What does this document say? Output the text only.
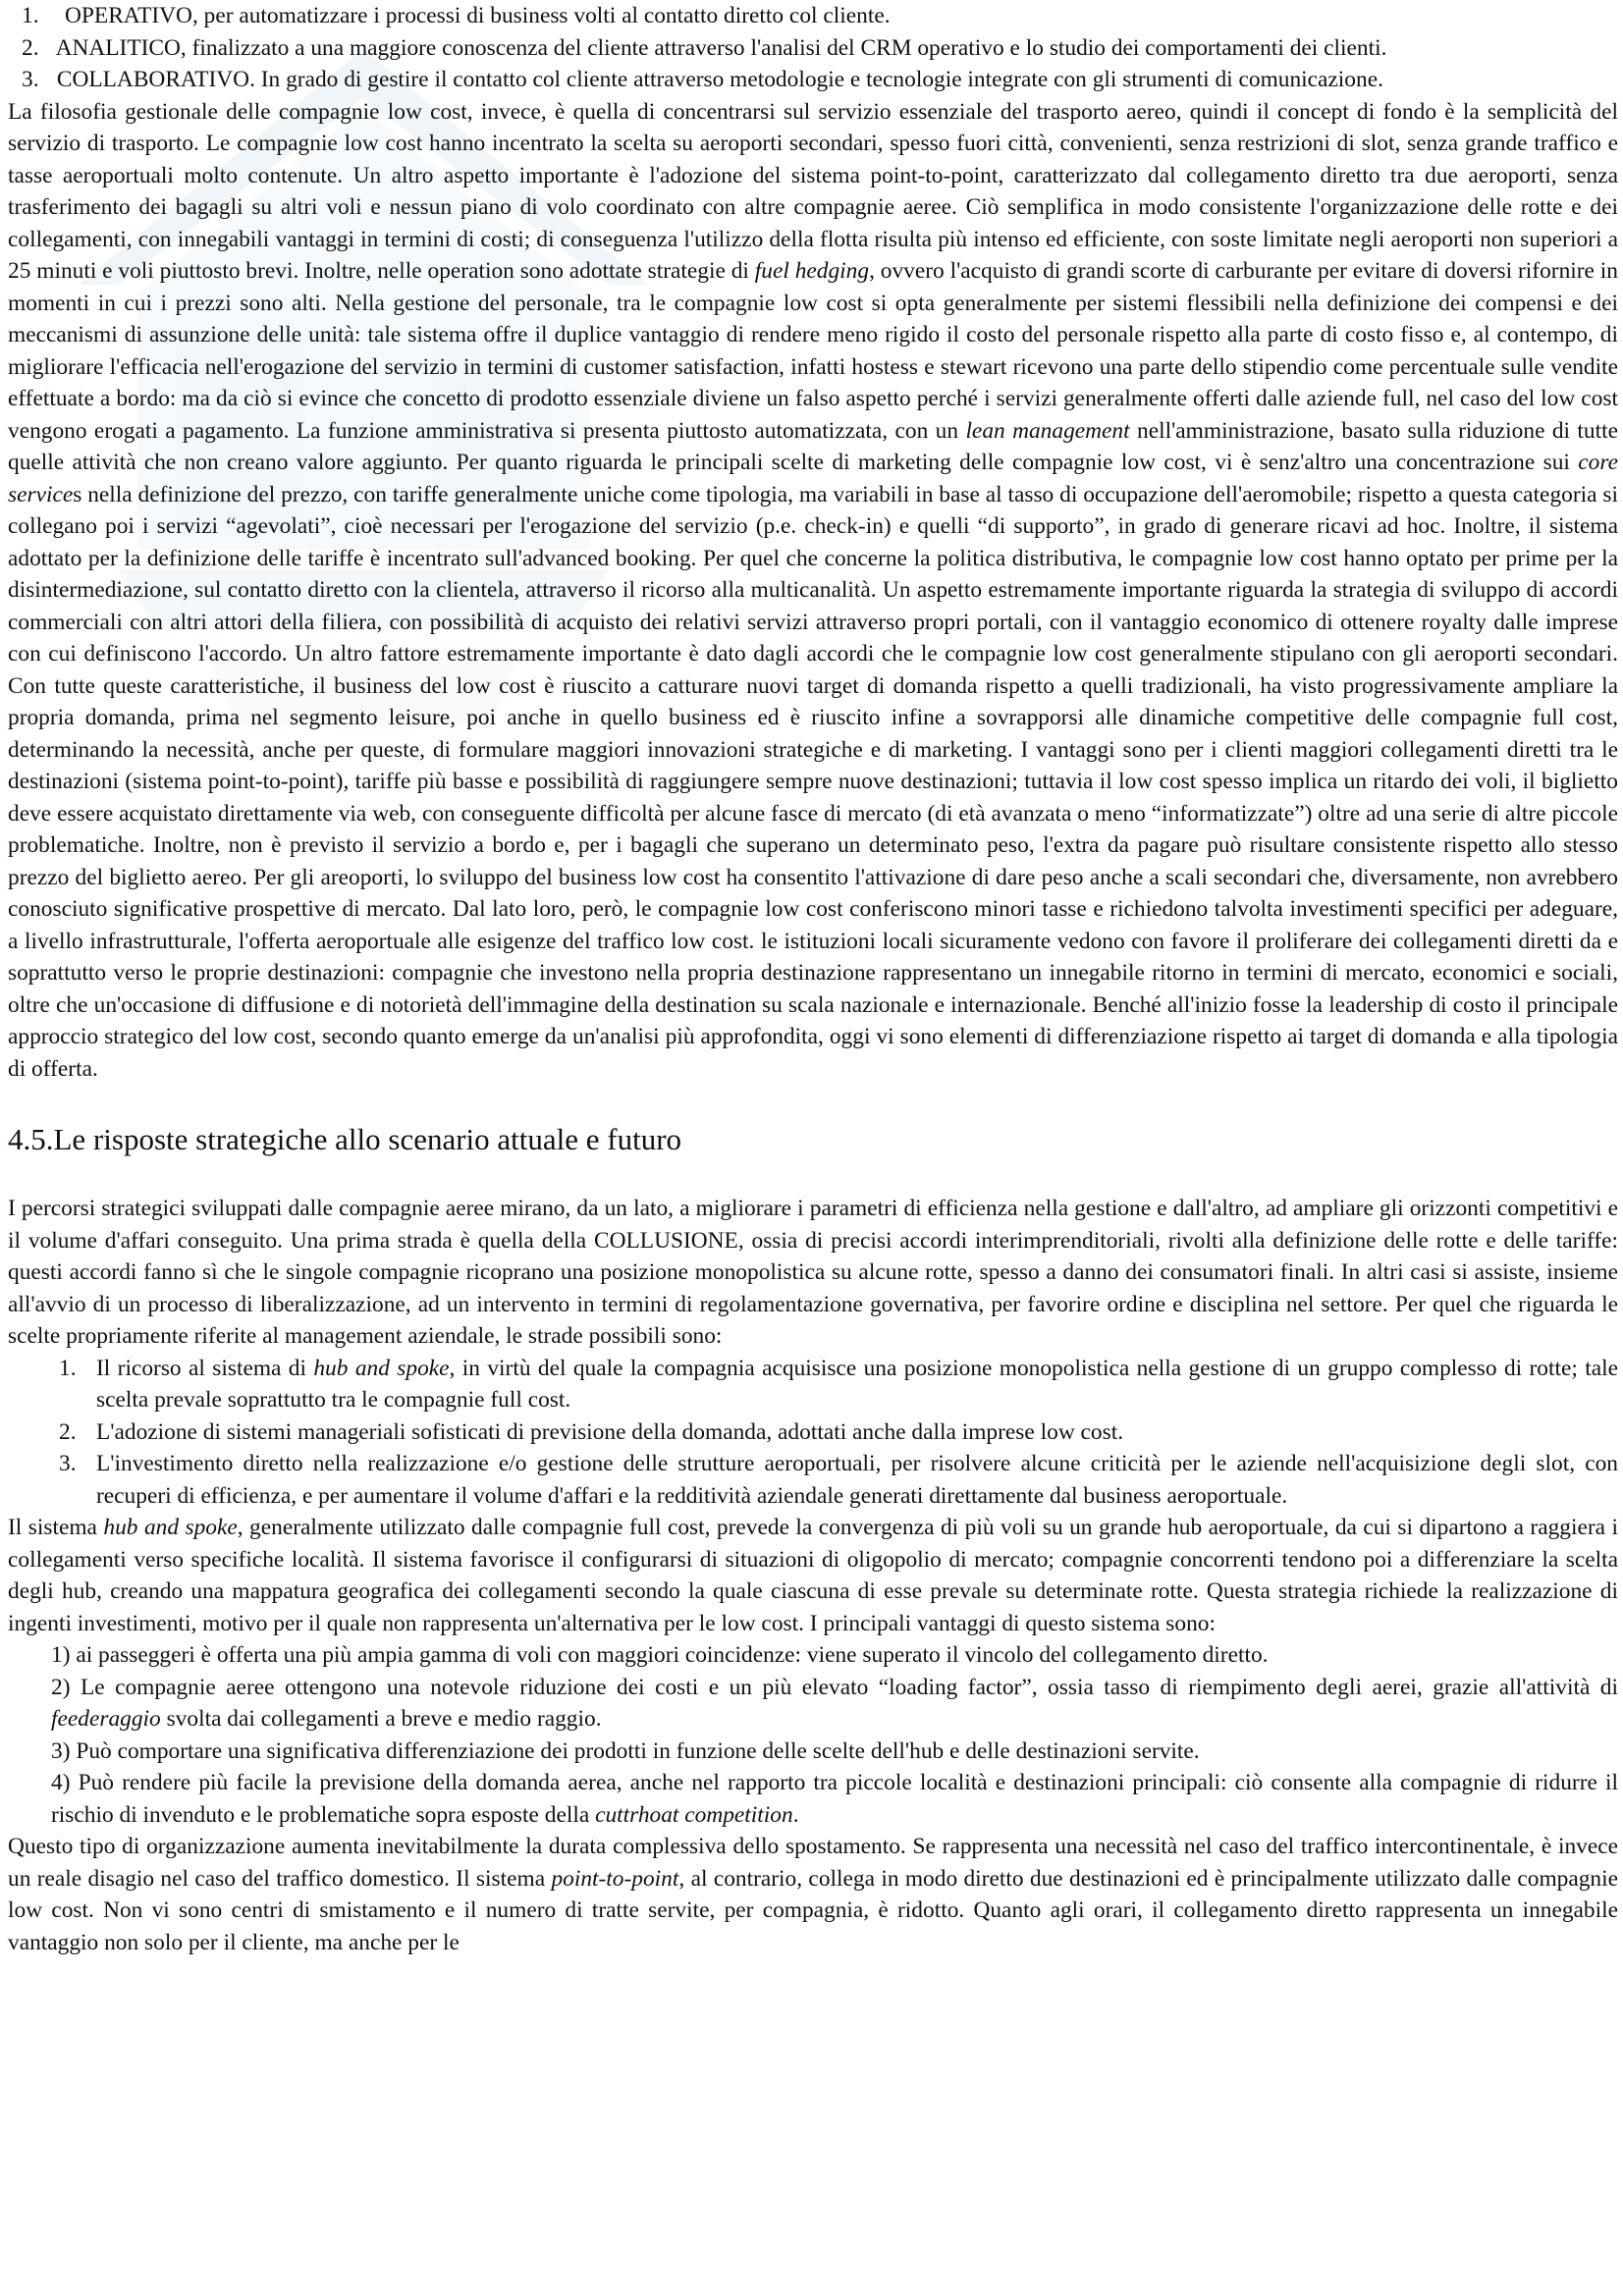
1.	OPERATIVO, per automatizzare i processi di business volti al contatto diretto col cliente.
2. ANALITICO, finalizzato a una maggiore conoscenza del cliente attraverso l'analisi del CRM operativo e lo studio dei comportamenti dei clienti.
3. COLLABORATIVO. In grado di gestire il contatto col cliente attraverso metodologie e tecnologie integrate con gli strumenti di comunicazione.

La filosofia gestionale delle compagnie low cost, invece, è quella di concentrarsi sul servizio essenziale del trasporto aereo, quindi il concept di fondo è la semplicità del servizio di trasporto. Le compagnie low cost hanno incentrato la scelta su aeroporti secondari, spesso fuori città, convenienti, senza restrizioni di slot, senza grande traffico e tasse aeroportuali molto contenute. Un altro aspetto importante è l'adozione del sistema point-to-point, caratterizzato dal collegamento diretto tra due aeroporti, senza trasferimento dei bagagli su altri voli e nessun piano di volo coordinato con altre compagnie aeree. Ciò semplifica in modo consistente l'organizzazione delle rotte e dei collegamenti, con innegabili vantaggi in termini di costi; di conseguenza l'utilizzo della flotta risulta più intenso ed efficiente, con soste limitate negli aeroporti non superiori a 25 minuti e voli piuttosto brevi. Inoltre, nelle operation sono adottate strategie di fuel hedging, ovvero l'acquisto di grandi scorte di carburante per evitare di doversi rifornire in momenti in cui i prezzi sono alti. Nella gestione del personale, tra le compagnie low cost si opta generalmente per sistemi flessibili nella definizione dei compensi e dei meccanismi di assunzione delle unità: tale sistema offre il duplice vantaggio di rendere meno rigido il costo del personale rispetto alla parte di costo fisso e, al contempo, di migliorare l'efficacia nell'erogazione del servizio in termini di customer satisfaction, infatti hostess e stewart ricevono una parte dello stipendio come percentuale sulle vendite effettuate a bordo: ma da ciò si evince che concetto di prodotto essenziale diviene un falso aspetto perché i servizi generalmente offerti dalle aziende full, nel caso del low cost vengono erogati a pagamento. La funzione amministrativa si presenta piuttosto automatizzata, con un lean management nell'amministrazione, basato sulla riduzione di tutte quelle attività che non creano valore aggiunto. Per quanto riguarda le principali scelte di marketing delle compagnie low cost, vi è senz'altro una concentrazione sui core services nella definizione del prezzo, con tariffe generalmente uniche come tipologia, ma variabili in base al tasso di occupazione dell'aeromobile; rispetto a questa categoria si collegano poi i servizi “agevolati”, cioè necessari per l'erogazione del servizio (p.e. check-in) e quelli “di supporto”, in grado di generare ricavi ad hoc. Inoltre, il sistema adottato per la definizione delle tariffe è incentrato sull'advanced booking. Per quel che concerne la politica distributiva, le compagnie low cost hanno optato per prime per la disintermediazione, sul contatto diretto con la clientela, attraverso il ricorso alla multicanalità. Un aspetto estremamente importante riguarda la strategia di sviluppo di accordi commerciali con altri attori della filiera, con possibilità di acquisto dei relativi servizi attraverso propri portali, con il vantaggio economico di ottenere royalty dalle imprese con cui definiscono l'accordo. Un altro fattore estremamente importante è dato dagli accordi che le compagnie low cost generalmente stipulano con gli aeroporti secondari. Con tutte queste caratteristiche, il business del low cost è riuscito a catturare nuovi target di domanda rispetto a quelli tradizionali, ha visto progressivamente ampliare la propria domanda, prima nel segmento leisure, poi anche in quello business ed è riuscito infine a sovrapporsi alle dinamiche competitive delle compagnie full cost, determinando la necessità, anche per queste, di formulare maggiori innovazioni strategiche e di marketing. I vantaggi sono per i clienti maggiori collegamenti diretti tra le destinazioni (sistema point-to-point), tariffe più basse e possibilità di raggiungere sempre nuove destinazioni; tuttavia il low cost spesso implica un ritardo dei voli, il biglietto deve essere acquistato direttamente via web, con conseguente difficoltà per alcune fasce di mercato (di età avanzata o meno “informatizzate”) oltre ad una serie di altre piccole problematiche. Inoltre, non è previsto il servizio a bordo e, per i bagagli che superano un determinato peso, l'extra da pagare può risultare consistente rispetto allo stesso prezzo del biglietto aereo. Per gli areoporti, lo sviluppo del business low cost ha consentito l'attivazione di dare peso anche a scali secondari che, diversamente, non avrebbero conosciuto significative prospettive di mercato. Dal lato loro, però, le compagnie low cost conferiscono minori tasse e richiedono talvolta investimenti specifici per adeguare, a livello infrastrutturale, l'offerta aeroportuale alle esigenze del traffico low cost. le istituzioni locali sicuramente vedono con favore il proliferare dei collegamenti diretti da e soprattutto verso le proprie destinazioni: compagnie che investono nella propria destinazione rappresentano un innegabile ritorno in termini di mercato, economici e sociali, oltre che un'occasione di diffusione e di notorietà dell'immagine della destination su scala nazionale e internazionale. Benché all'inizio fosse la leadership di costo il principale approccio strategico del low cost, secondo quanto emerge da un'analisi più approfondita, oggi vi sono elementi di differenziazione rispetto ai target di domanda e alla tipologia di offerta.

4.5.Le risposte strategiche allo scenario attuale e futuro

I percorsi strategici sviluppati dalle compagnie aeree mirano, da un lato, a migliorare i parametri di efficienza nella gestione e dall'altro, ad ampliare gli orizzonti competitivi e il volume d'affari conseguito. Una prima strada è quella della COLLUSIONE, ossia di precisi accordi interimprenditoriali, rivolti alla definizione delle rotte e delle tariffe: questi accordi fanno sì che le singole compagnie ricoprano una posizione monopolistica su alcune rotte, spesso a danno dei consumatori finali. In altri casi si assiste, insieme all'avvio di un processo di liberalizzazione, ad un intervento in termini di regolamentazione governativa, per favorire ordine e disciplina nel settore. Per quel che riguarda le scelte propriamente riferite al management aziendale, le strade possibili sono:

1. Il ricorso al sistema di hub and spoke, in virtù del quale la compagnia acquisisce una posizione monopolistica nella gestione di un gruppo complesso di rotte; tale scelta prevale soprattutto tra le compagnie full cost.
2. L'adozione di sistemi manageriali sofisticati di previsione della domanda, adottati anche dalla imprese low cost.
3. L'investimento diretto nella realizzazione e/o gestione delle strutture aeroportuali, per risolvere alcune criticità per le aziende nell'acquisizione degli slot, con recuperi di efficienza, e per aumentare il volume d'affari e la redditività aziendale generati direttamente dal business aeroportuale.

Il sistema hub and spoke, generalmente utilizzato dalle compagnie full cost, prevede la convergenza di più voli su un grande hub aeroportuale, da cui si dipartono a raggiera i collegamenti verso specifiche località. Il sistema favorisce il configurarsi di situazioni di oligopolio di mercato; compagnie concorrenti tendono poi a differenziare la scelta degli hub, creando una mappatura geografica dei collegamenti secondo la quale ciascuna di esse prevale su determinate rotte. Questa strategia richiede la realizzazione di ingenti investimenti, motivo per il quale non rappresenta un'alternativa per le low cost. I principali vantaggi di questo sistema sono:

1) ai passeggeri è offerta una più ampia gamma di voli con maggiori coincidenze: viene superato il vincolo del collegamento diretto.

2) Le compagnie aeree ottengono una notevole riduzione dei costi e un più elevato “loading factor”, ossia tasso di riempimento degli aerei, grazie all'attività di feederaggio svolta dai collegamenti a breve e medio raggio.

3) Può comportare una significativa differenziazione dei prodotti in funzione delle scelte dell'hub e delle destinazioni servite.

4) Può rendere più facile la previsione della domanda aerea, anche nel rapporto tra piccole località e destinazioni principali: ciò consente alla compagnie di ridurre il rischio di invenduto e le problematiche sopra esposte della cuttrhoat competition.

Questo tipo di organizzazione aumenta inevitabilmente la durata complessiva dello spostamento. Se rappresenta una necessità nel caso del traffico intercontinentale, è invece un reale disagio nel caso del traffico domestico. Il sistema point-to-point, al contrario, collega in modo diretto due destinazioni ed è principalmente utilizzato dalle compagnie low cost. Non vi sono centri di smistamento e il numero di tratte servite, per compagnia, è ridotto. Quanto agli orari, il collegamento diretto rappresenta un innegabile vantaggio non solo per il cliente, ma anche per le
